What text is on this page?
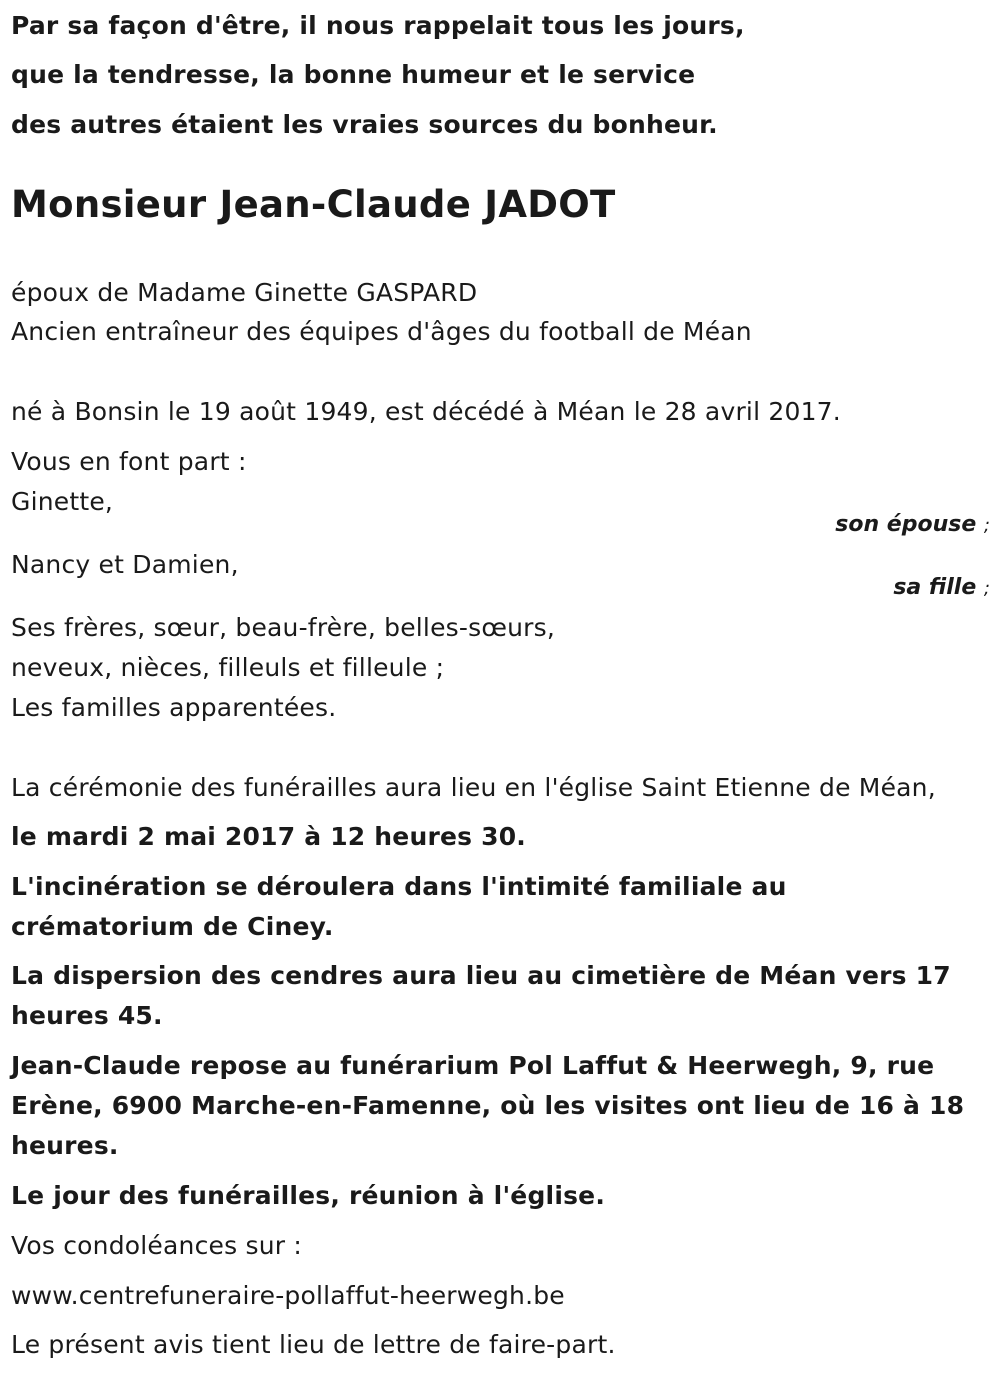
Par sa façon d'être, il nous rappelait tous les jours,
que la tendresse, la bonne humeur et le service
des autres étaient les vraies sources du bonheur.
Monsieur Jean-Claude JADOT
époux de Madame Ginette GASPARD
Ancien entraîneur des équipes d'âges du football de Méan
né à Bonsin le 19 août 1949, est décédé à Méan le 28 avril 2017.
Vous en font part :
Ginette,
son épouse ;
Nancy et Damien,
sa fille ;
Ses frères, sœur, beau-frère, belles-sœurs,
neveux, nièces, filleuls et filleule ;
Les familles apparentées.
La cérémonie des funérailles aura lieu en l'église Saint Etienne de Méan,
le mardi 2 mai 2017 à 12 heures 30.
L'incinération se déroulera dans l'intimité familiale au crématorium de Ciney.
La dispersion des cendres aura lieu au cimetière de Méan vers 17 heures 45.
Jean-Claude repose au funérarium Pol Laffut & Heerwegh, 9, rue Erène, 6900 Marche-en-Famenne, où les visites ont lieu de 16 à 18 heures.
Le jour des funérailles, réunion à l'église.
Vos condoléances sur :
www.centrefuneraire-pollaffut-heerwegh.be
Le présent avis tient lieu de lettre de faire-part.
